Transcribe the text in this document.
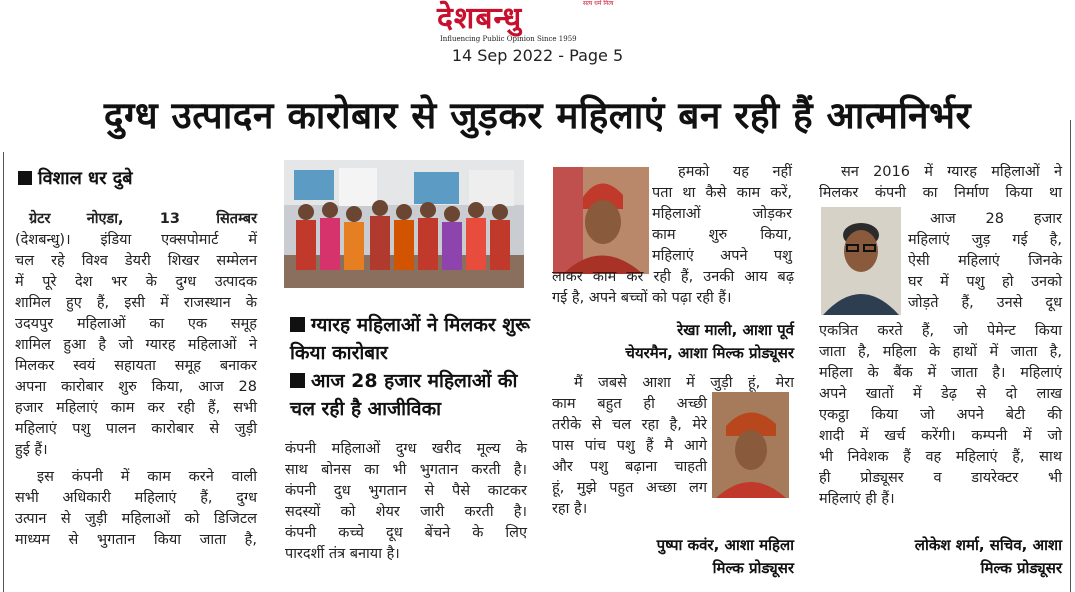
देशबन्धु	सत्य धर्म नित्य
Influencing Public Opinion Since 1959
14 Sep 2022 - Page 5
दुग्ध उत्पादन कारोबार से जुड़कर महिलाएं बन रही हैं आत्मनिर्भर
विशाल धर दुबे

ग्रेटर नोएडा, 13 सितम्बर

(देशबन्धु)। इंडिया एक्सपोमार्ट में

चल रहे विश्व डेयरी शिखर सम्मेलन

में पूरे देश भर के दुग्ध उत्पादक

शामिल हुए हैं, इसी में राजस्थान के

उदयपुर महिलाओं का एक समूह

शामिल हुआ है जो ग्यारह महिलाओं ने

मिलकर स्वयं सहायता समूह बनाकर

अपना कारोबार शुरु किया, आज 28

हजार महिलाएं काम कर रही हैं, सभी

महिलाएं पशु पालन कारोबार से जुड़ी

हुई हैं।

इस कंपनी में काम करने वाली

सभी अधिकारी महिलाएं हैं, दुग्ध

उत्पान से जुड़ी महिलाओं को डिजिटल

माध्यम से भुगतान किया जाता है,

ग्यारह महिलाओं ने मिलकर शुरू किया कारोबार
आज 28 हजार महिलाओं की चल रही है आजीविका

कंपनी महिलाओं दुग्ध खरीद मूल्य के

साथ बोनस का भी भुगतान करती है।

कंपनी दुध भुगतान से पैसे काटकर

सदस्यों को शेयर जारी करती है।

कंपनी कच्चे दूध बेंचने के लिए

पारदर्शी तंत्र बनाया है।

हमको यह नहीं

पता था कैसे काम करें,

महिलाओं जोड़कर

काम शुरु किया,

महिलाएं अपने पशु

लाकर काम कर रही हैं, उनकी आय बढ़

गई है, अपने बच्चों को पढ़ा रही हैं।

रेखा माली, आशा पूर्व

चेयरमैन, आशा मिल्क प्रोड्यूसर

मैं जबसे आशा में जुड़ी हूं, मेरा

काम बहुत ही अच्छी

तरीके से चल रहा है, मेरे

पास पांच पशु हैं मै आगे

और पशु बढ़ाना चाहती

हूं, मुझे पहुत अच्छा लग

रहा है।

पुष्पा कवंर, आशा महिला

मिल्क प्रोड्यूसर

सन 2016 में ग्यारह महिलाओं ने

मिलकर कंपनी का निर्माण किया था

आज 28 हजार

महिलाएं जुड़ गई है,

ऐसी महिलाएं जिनके

घर में पशु हो उनको

जोड़ते हैं, उनसे दूध

एकत्रित करते हैं, जो पेमेन्ट किया

जाता है, महिला के हाथों में जाता है,

महिला के बैंक में जाता है। महिलाएं

अपने खातों में डेढ़ से दो लाख

एकट्ठा किया जो अपने बेटी की

शादी में खर्च करेंगी। कम्पनी में जो

भी निवेशक हैं वह महिलाएं हैं, साथ

ही प्रोड्यूसर व डायरेक्टर भी

महिलाएं ही हैं।

लोकेश शर्मा, सचिव, आशा

मिल्क प्रोड्यूसर
